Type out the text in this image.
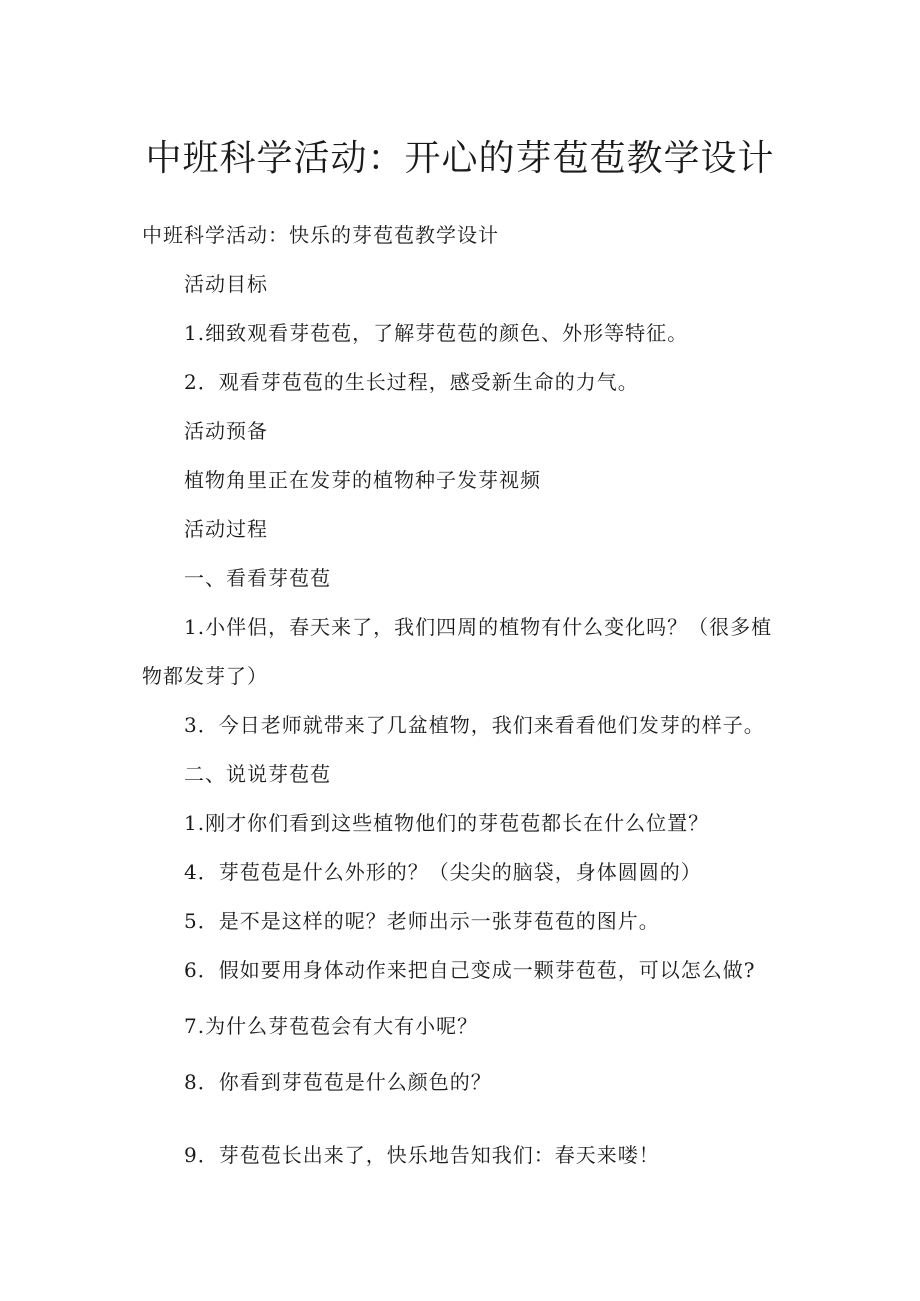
中班科学活动：开心的芽苞苞教学设计
中班科学活动：快乐的芽苞苞教学设计
活动目标
1.细致观看芽苞苞，了解芽苞苞的颜色、外形等特征。
2．观看芽苞苞的生长过程，感受新生命的力气。
活动预备
植物角里正在发芽的植物种子发芽视频
活动过程
一、看看芽苞苞
1.小伴侣，春天来了，我们四周的植物有什么变化吗？（很多植
物都发芽了）
3．今日老师就带来了几盆植物，我们来看看他们发芽的样子。
二、说说芽苞苞
1.刚才你们看到这些植物他们的芽苞苞都长在什么位置？
4．芽苞苞是什么外形的？（尖尖的脑袋，身体圆圆的）
5．是不是这样的呢？老师出示一张芽苞苞的图片。
6．假如要用身体动作来把自己变成一颗芽苞苞，可以怎么做?
7.为什么芽苞苞会有大有小呢？
8．你看到芽苞苞是什么颜色的？
9．芽苞苞长出来了，快乐地告知我们：春天来喽！
